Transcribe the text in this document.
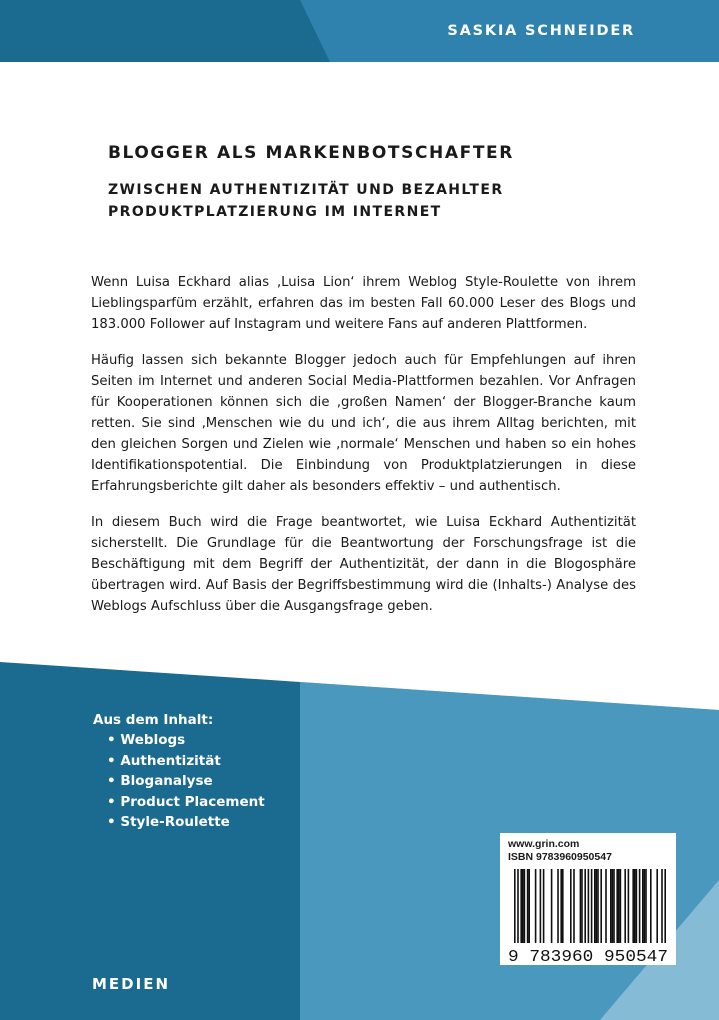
SASKIA SCHNEIDER
BLOGGER ALS MARKENBOTSCHAFTER
ZWISCHEN AUTHENTIZITÄT UND BEZAHLTER
PRODUKTPLATZIERUNG IM INTERNET

Wenn Luisa Eckhard alias ‚Luisa Lion‘ ihrem Weblog Style-Roulette von ihrem Lieblingsparfüm erzählt, erfahren das im besten Fall 60.000 Leser des Blogs und 183.000 Follower auf Instagram und weitere Fans auf anderen Plattformen.

Häufig lassen sich bekannte Blogger jedoch auch für Empfehlungen auf ihren Seiten im Internet und anderen Social Media-Plattformen bezahlen. Vor Anfragen für Kooperationen können sich die ‚großen Namen‘ der Blogger-Branche kaum retten. Sie sind ‚Menschen wie du und ich‘, die aus ihrem Alltag berichten, mit den gleichen Sorgen und Zielen wie ‚normale‘ Menschen und haben so ein hohes Identifikationspotential. Die Einbindung von Produktplatzierungen in diese Erfahrungsberichte gilt daher als besonders effektiv – und authentisch.

In diesem Buch wird die Frage beantwortet, wie Luisa Eckhard Authentizität sicherstellt. Die Grundlage für die Beantwortung der Forschungsfrage ist die Beschäftigung mit dem Begriff der Authentizität, der dann in die Blogosphäre übertragen wird. Auf Basis der Begriffsbestimmung wird die (Inhalts-) Analyse des Weblogs Aufschluss über die Ausgangsfrage geben.

Aus dem Inhalt:
• Weblogs
• Authentizität
• Bloganalyse
• Product Placement
• Style-Roulette
www.grin.com
ISBN 9783960950547
9 783960 950547
MEDIEN
